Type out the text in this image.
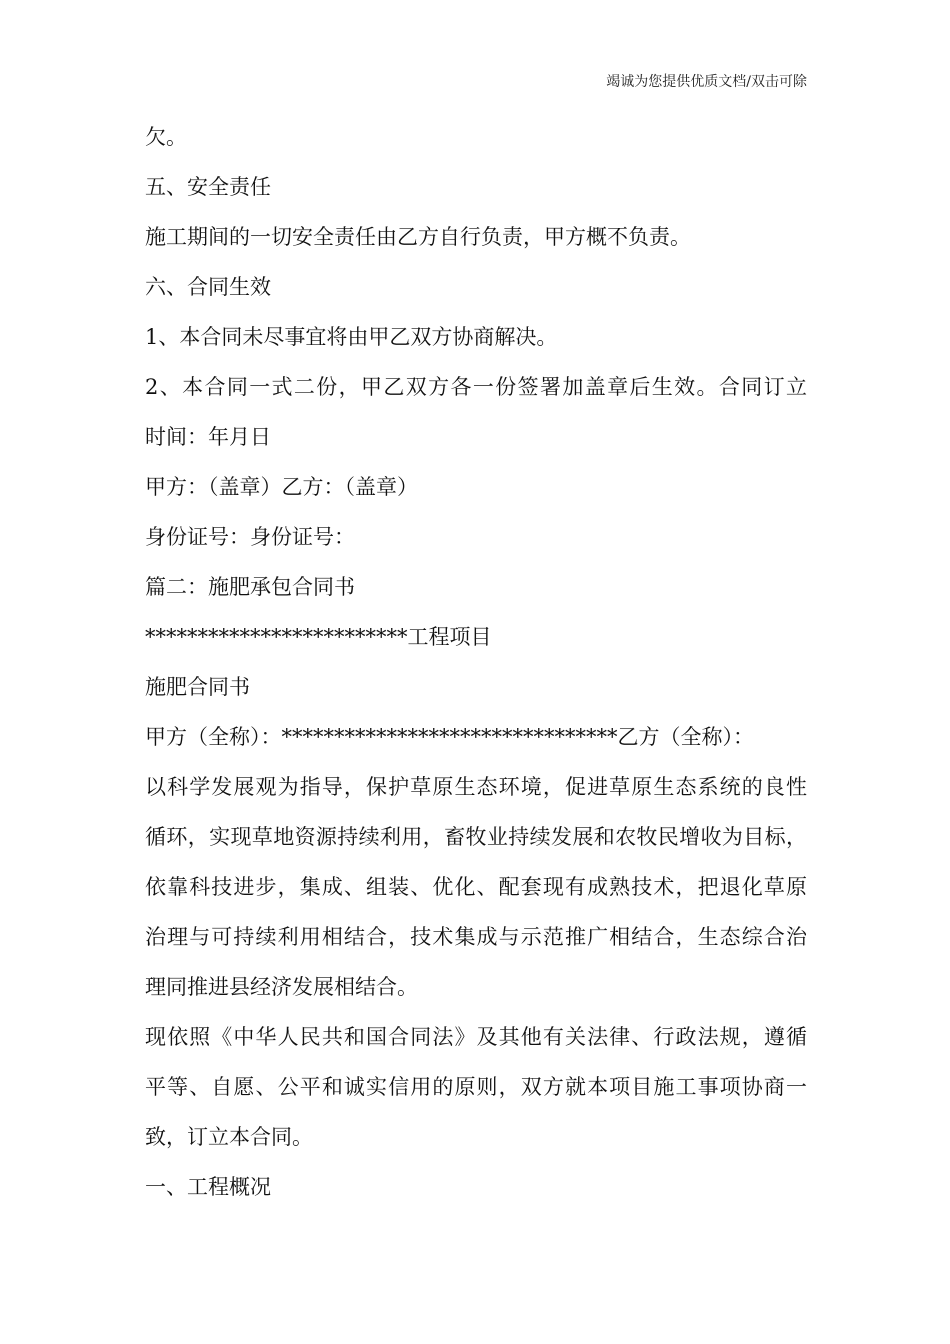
竭诚为您提供优质文档/双击可除
欠。
五、安全责任
施工期间的一切安全责任由乙方自行负责，甲方概不负责。
六、合同生效
1、本合同未尽事宜将由甲乙双方协商解决。
2、本合同一式二份，甲乙双方各一份签署加盖章后生效。合同订立
时间：年月日
甲方：（盖章）乙方：（盖章）
身份证号：身份证号：
篇二：施肥承包合同书
*************************工程项目
施肥合同书
甲方（全称）：********************************乙方（全称）：
以科学发展观为指导，保护草原生态环境，促进草原生态系统的良性
循环，实现草地资源持续利用，畜牧业持续发展和农牧民增收为目标，
依靠科技进步，集成、组装、优化、配套现有成熟技术，把退化草原
治理与可持续利用相结合，技术集成与示范推广相结合，生态综合治
理同推进县经济发展相结合。
现依照《中华人民共和国合同法》及其他有关法律、行政法规，遵循
平等、自愿、公平和诚实信用的原则，双方就本项目施工事项协商一
致，订立本合同。
一、工程概况
